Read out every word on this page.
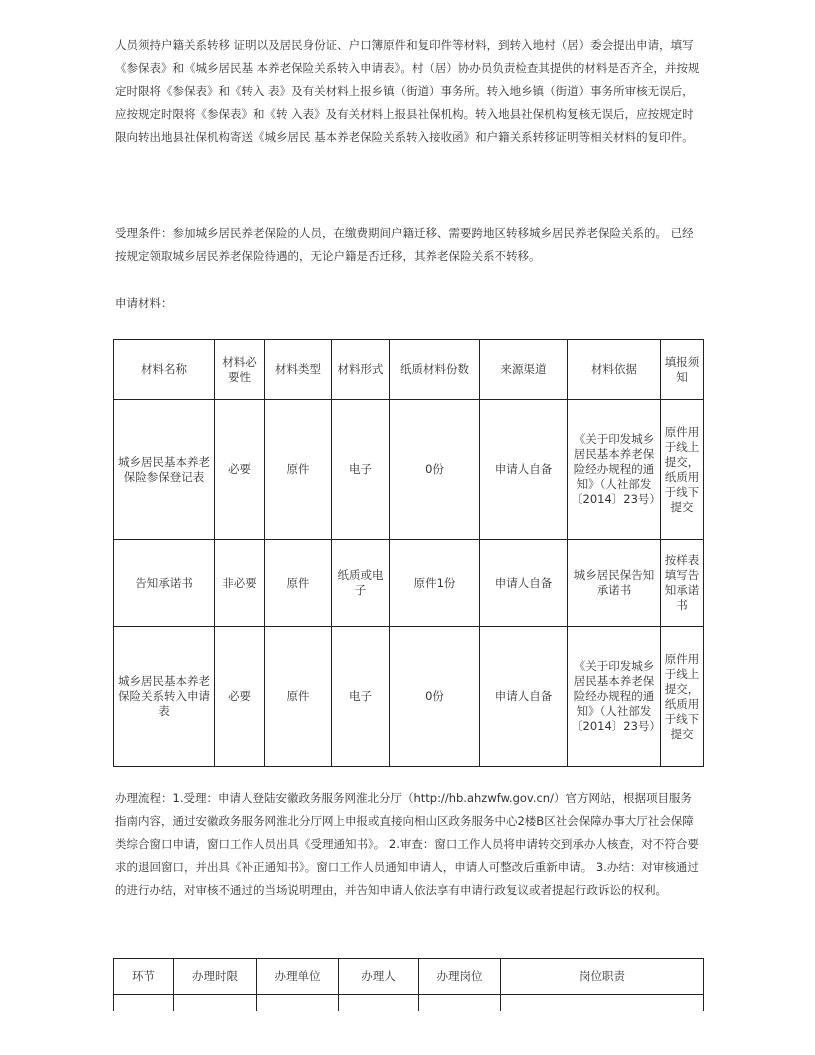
人员须持户籍关系转移 证明以及居民身份证、户口簿原件和复印件等材料，到转入地村（居）委会提出申请，填写《参保表》和《城乡居民基 本养老保险关系转入申请表》。村（居）协办员负责检查其提供的材料是否齐全，并按规定时限将《参保表》和《转入 表》及有关材料上报乡镇（街道）事务所。转入地乡镇（街道）事务所审核无误后，应按规定时限将《参保表》和《转 入表》及有关材料上报县社保机构。转入地县社保机构复核无误后，应按规定时限向转出地县社保机构寄送《城乡居民 基本养老保险关系转入接收函》和户籍关系转移证明等相关材料的复印件。

受理条件：参加城乡居民养老保险的人员，在缴费期间户籍迁移、需要跨地区转移城乡居民养老保险关系的。 已经按规定领取城乡居民养老保险待遇的，无论户籍是否迁移，其养老保险关系不转移。

申请材料：

材料名称	材料必要性	材料类型	材料形式	纸质材料份数	来源渠道	材料依据	填报须知
城乡居民基本养老保险参保登记表	必要	原件	电子	0份	申请人自备	《关于印发城乡居民基本养老保险经办规程的通知》（人社部发〔2014〕23号）	原件用于线上提交，纸质用于线下提交
告知承诺书	非必要	原件	纸质或电子	原件1份	申请人自备	城乡居民保告知承诺书	按样表填写告知承诺书
城乡居民基本养老保险关系转入申请表	必要	原件	电子	0份	申请人自备	《关于印发城乡居民基本养老保险经办规程的通知》（人社部发〔2014〕23号）	原件用于线上提交，纸质用于线下提交

办理流程：1.受理：申请人登陆安徽政务服务网淮北分厅（http://hb.ahzwfw.gov.cn/）官方网站，根据项目服务指南内容，通过安徽政务服务网淮北分厅网上申报或直接向相山区政务服务中心2楼B区社会保障办事大厅社会保障类综合窗口申请，窗口工作人员出具《受理通知书》。 2.审查：窗口工作人员将申请转交到承办人核查，对不符合要求的退回窗口，并出具《补正通知书》。窗口工作人员通知申请人，申请人可整改后重新申请。 3.办结：对审核通过的进行办结，对审核不通过的当场说明理由，并告知申请人依法享有申请行政复议或者提起行政诉讼的权利。

环节	办理时限	办理单位	办理人	办理岗位	岗位职责
